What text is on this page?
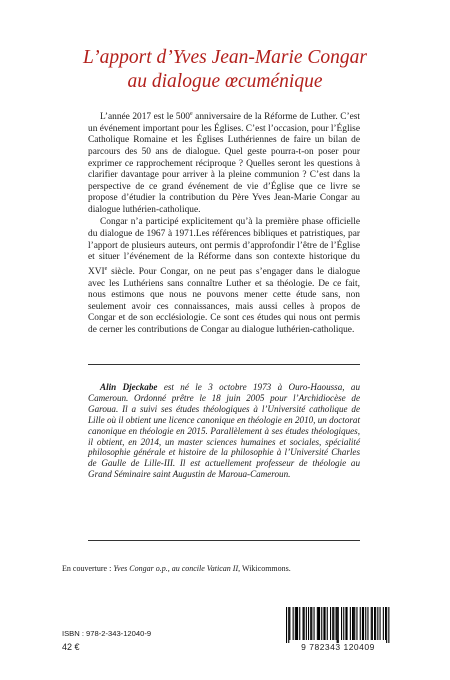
L’apport d’Yves Jean-Marie Congar
au dialogue œcuménique

L’année 2017 est le 500e anniversaire de la Réforme de Luther. C’est un événement important pour les Églises. C’est l’occasion, pour l’Église Catholique Romaine et les Églises Luthériennes de faire un bilan de parcours des 50 ans de dialogue. Quel geste pourra-t-on poser pour exprimer ce rapprochement réciproque ? Quelles seront les questions à clarifier davantage pour arriver à la pleine communion ? C’est dans la perspective de ce grand événement de vie d’Église que ce livre se propose d’étudier la contribution du Père Yves Jean-Marie Congar au dialogue luthérien-catholique.

Congar n’a participé explicitement qu’à la première phase officielle du dialogue de 1967 à 1971.Les références bibliques et patristiques, par l’apport de plusieurs auteurs, ont permis d’approfondir l’être de l’Église et situer l’événement de la Réforme dans son contexte historique du XVIe siècle. Pour Congar, on ne peut pas s’engager dans le dialogue avec les Luthériens sans connaître Luther et sa théologie. De ce fait, nous estimons que nous ne pouvons mener cette étude sans, non seulement avoir ces connaissances, mais aussi celles à propos de Congar et de son ecclésiologie. Ce sont ces études qui nous ont permis de cerner les contributions de Congar au dialogue luthérien-catholique.

Alin Djeckabe est né le 3 octobre 1973 à Ouro-Haoussa, au Cameroun. Ordonné prêtre le 18 juin 2005 pour l’Archidiocèse de Garoua. Il a suivi ses études théologiques à l’Université catholique de Lille où il obtient une licence canonique en théologie en 2010, un doctorat canonique en théologie en 2015. Parallèlement à ses études théologiques, il obtient, en 2014, un master sciences humaines et sociales, spécialité philosophie générale et histoire de la philosophie à l’Université Charles de Gaulle de Lille-III. Il est actuellement professeur de théologie au Grand Séminaire saint Augustin de Maroua-Cameroun.

En couverture : Yves Congar o.p., au concile Vatican II, Wikicommons.
ISBN : 978-2-343-12040-9
42 €	9 782343 120409
